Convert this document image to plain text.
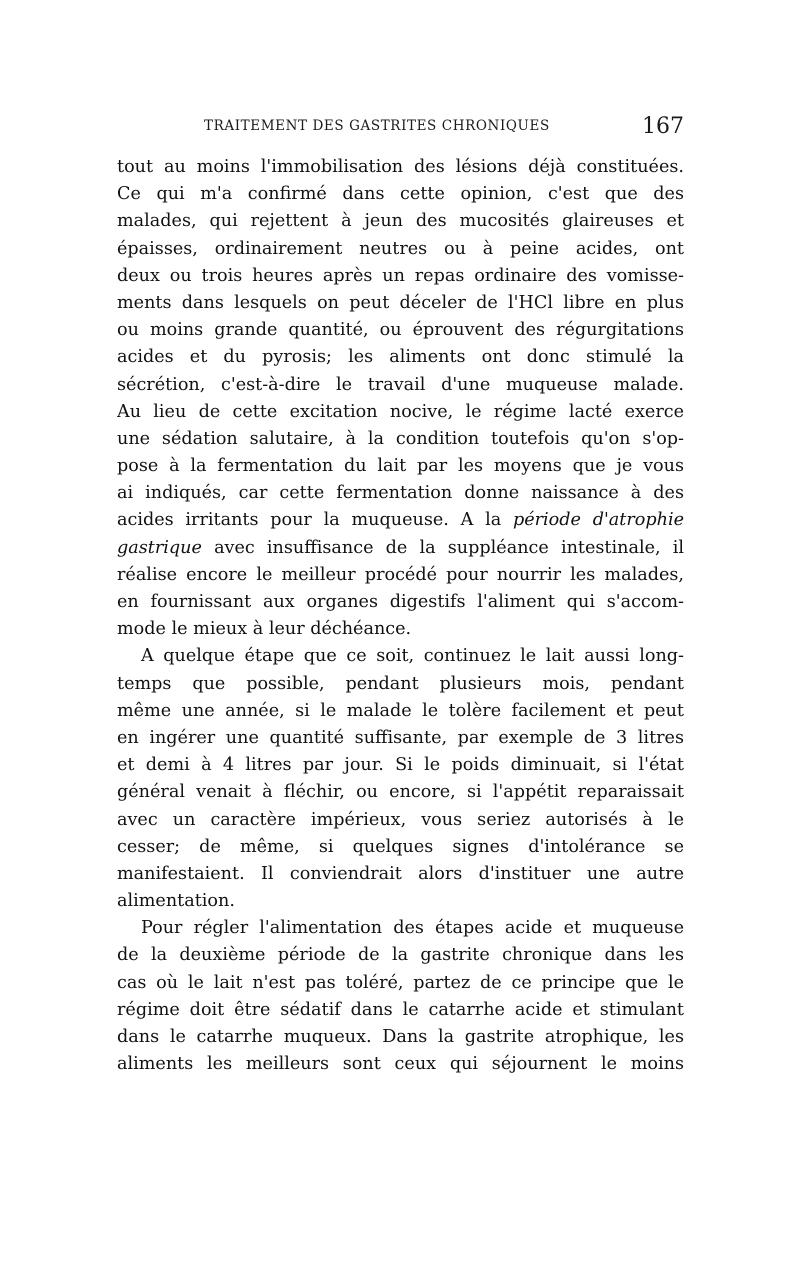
TRAITEMENT DES GASTRITES CHRONIQUES	167
tout au moins l'immobilisation des lésions déjà constituées.
Ce qui m'a confirmé dans cette opinion, c'est que des
malades, qui rejettent à jeun des mucosités glaireuses et
épaisses, ordinairement neutres ou à peine acides, ont
deux ou trois heures après un repas ordinaire des vomisse-
ments dans lesquels on peut déceler de l'HCl libre en plus
ou moins grande quantité, ou éprouvent des régurgitations
acides et du pyrosis; les aliments ont donc stimulé la
sécrétion, c'est-à-dire le travail d'une muqueuse malade.
Au lieu de cette excitation nocive, le régime lacté exerce
une sédation salutaire, à la condition toutefois qu'on s'op-
pose à la fermentation du lait par les moyens que je vous
ai indiqués, car cette fermentation donne naissance à des
acides irritants pour la muqueuse. A la période d'atrophie
gastrique avec insuffisance de la suppléance intestinale, il
réalise encore le meilleur procédé pour nourrir les malades,
en fournissant aux organes digestifs l'aliment qui s'accom-
mode le mieux à leur déchéance.
A quelque étape que ce soit, continuez le lait aussi long-
temps que possible, pendant plusieurs mois, pendant
même une année, si le malade le tolère facilement et peut
en ingérer une quantité suffisante, par exemple de 3 litres
et demi à 4 litres par jour. Si le poids diminuait, si l'état
général venait à fléchir, ou encore, si l'appétit reparaissait
avec un caractère impérieux, vous seriez autorisés à le
cesser; de même, si quelques signes d'intolérance se
manifestaient. Il conviendrait alors d'instituer une autre
alimentation.
Pour régler l'alimentation des étapes acide et muqueuse
de la deuxième période de la gastrite chronique dans les
cas où le lait n'est pas toléré, partez de ce principe que le
régime doit être sédatif dans le catarrhe acide et stimulant
dans le catarrhe muqueux. Dans la gastrite atrophique, les
aliments les meilleurs sont ceux qui séjournent le moins
